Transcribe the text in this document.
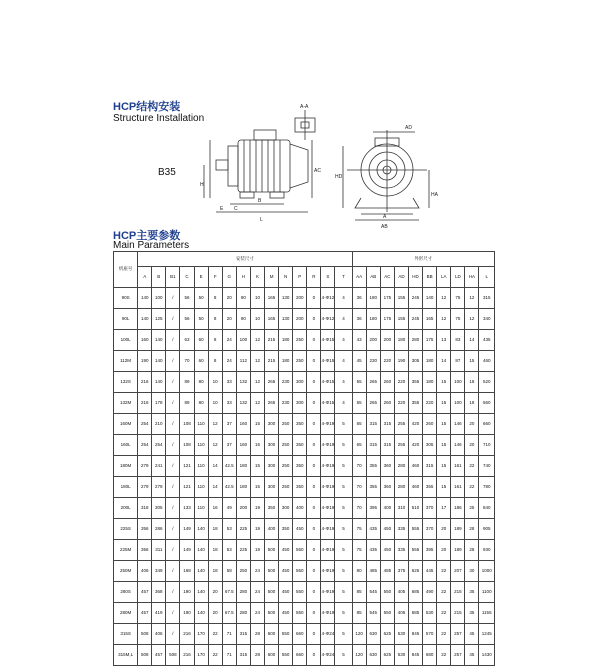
HCP结构安装
Structure Installation
B35
A-A
L
B
E C
H
AC
AD
HD
A
AB
HA
HCP主要参数
Main Parameters
机座号	安装尺寸															外形尺寸									
	A	B	B1	C	E	F	G	H	K	M	N	P	R	S	T	AA	AB	AC	AD	HD	BB	LA	LD	HA	L
90S	140	100	/	56	50	8	20	90	10	165	130	200	0	4-Φ12	4	36	180	175	155	245	140	12	75	12	315
90L	140	125	/	56	50	8	20	90	10	165	130	200	0	4-Φ12	4	36	180	175	155	245	165	12	75	12	340
100L	160	140	/	63	60	8	24	100	12	215	180	250	0	4-Φ15	4	43	200	200	180	280	175	13	83	14	435
112M	190	140	/	70	60	8	24	112	12	215	180	250	0	4-Φ15	4	45	230	220	190	305	180	14	87	15	460
132S	216	140	/	89	80	10	33	132	12	265	230	300	0	4-Φ15	4	55	265	260	220	355	180	15	100	18	520
132M	216	178	/	89	80	10	33	132	12	265	230	300	0	4-Φ15	4	55	265	260	220	355	220	15	100	18	560
160M	254	210	/	108	110	12	37	160	15	300	250	350	0	4-Φ19	5	65	315	315	255	420	260	15	146	20	660
160L	254	254	/	108	110	12	37	160	15	300	250	350	0	4-Φ19	5	65	315	315	255	420	305	15	146	20	710
180M	279	241	/	121	110	14	42.5	180	15	300	250	350	0	4-Φ19	5	70	355	360	280	460	315	15	161	22	740
180L	279	279	/	121	110	14	42.5	180	15	300	250	350	0	4-Φ19	5	70	355	360	280	460	355	15	161	22	780
200L	318	305	/	133	110	16	49	200	19	350	300	400	0	4-Φ19	5	70	395	400	310	510	370	17	186	25	840
225S	356	286	/	149	140	18	53	225	19	400	350	450	0	4-Φ19	5	75	435	450	335	555	370	20	189	28	905
225M	356	311	/	149	140	18	53	225	19	500	450	550	0	4-Φ19	5	75	435	450	335	555	395	20	189	28	930
250M	406	349	/	168	140	18	58	250	24	500	450	550	0	4-Φ19	5	80	485	485	375	625	445	22	207	30	1000
280S	457	368	/	190	140	20	67.5	280	24	500	450	550	0	4-Φ19	5	85	545	550	405	685	490	22	215	35	1100
280M	457	419	/	190	140	20	67.5	280	24	500	450	550	0	4-Φ19	5	85	545	550	405	685	530	22	215	35	1155
315S	508	406	/	216	170	22	71	315	28	600	550	660	0	4-Φ24	5	120	630	625	530	845	570	22	257	45	1245
315M,L	508	457	508	216	170	22	71	315	28	600	550	660	0	4-Φ24	5	120	630	625	530	845	680	22	257	45	1430
